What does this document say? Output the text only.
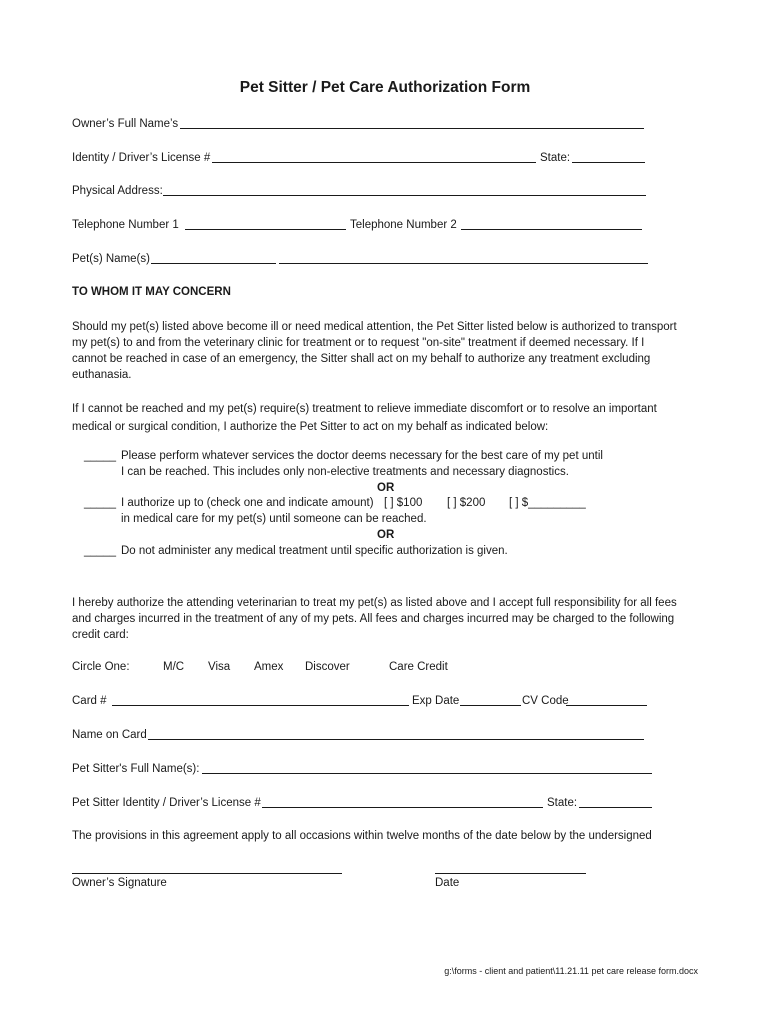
Pet Sitter / Pet Care Authorization Form
Owner’s Full Name’s
Identity / Driver’s License #	State:
Physical Address:
Telephone Number 1	Telephone Number 2
Pet(s) Name(s)
TO WHOM IT MAY CONCERN
Should my pet(s) listed above become ill or need medical attention, the Pet Sitter listed below is authorized to transport
my pet(s) to and from the veterinary clinic for treatment or to request "on-site" treatment if deemed necessary. If I
cannot be reached in case of an emergency, the Sitter shall act on my behalf to authorize any treatment excluding
euthanasia.
If I cannot be reached and my pet(s) require(s) treatment to relieve immediate discomfort or to resolve an important
medical or surgical condition, I authorize the Pet Sitter to act on my behalf as indicated below:
_____ Please perform whatever services the doctor deems necessary for the best care of my pet until
I can be reached. This includes only non-elective treatments and necessary diagnostics.
OR
_____ I authorize up to (check one and indicate amount) [ ] $100 [ ] $200 [ ] $_________
in medical care for my pet(s) until someone can be reached.
OR
_____ Do not administer any medical treatment until specific authorization is given.
I hereby authorize the attending veterinarian to treat my pet(s) as listed above and I accept full responsibility for all fees
and charges incurred in the treatment of any of my pets. All fees and charges incurred may be charged to the following
credit card:
Circle One:	M/C Visa Amex Discover	Care Credit
Card #	Exp Date	CV Code
Name on Card
Pet Sitter's Full Name(s):
Pet Sitter Identity / Driver’s License #	State:
The provisions in this agreement apply to all occasions within twelve months of the date below by the undersigned
Owner’s Signature	Date
g:\forms - client and patient\11.21.11 pet care release form.docx
